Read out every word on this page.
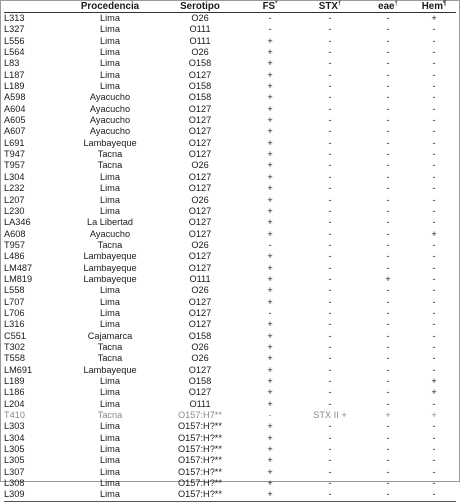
	Procedencia	Serotipo	FS*	STX†	eae†	Hem¶
L313	Lima	O26	-	-	-	+
L327	Lima	O111	-	-	-	-
L556	Lima	O111	+	-	-	-
L564	Lima	O26	+	-	-	-
L83	Lima	O158	+	-	-	-
L187	Lima	O127	+	-	-	-
L189	Lima	O158	+	-	-	-
A598	Ayacucho	O158	+	-	-	-
A604	Ayacucho	O127	+	-	-	-
A605	Ayacucho	O127	+	-	-	-
A607	Ayacucho	O127	+	-	-	-
L691	Lambayeque	O127	+	-	-	-
T947	Tacna	O127	+	-	-	-
T957	Tacna	O26	+	-	-	-
L304	Lima	O127	+	-	-	-
L232	Lima	O127	+	-	-	-
L207	Lima	O26	+	-	-	-
L230	Lima	O127	+	-	-	-
LA346	La Libertad	O127	+	-	-	-
A608	Ayacucho	O127	+	-	-	+
T957	Tacna	O26	-	-	-	-
L486	Lambayeque	O127	+	-	-	-
LM487	Lambayeque	O127	+	-	-	-
LM819	Lambayeque	O111	+	-	+	-
L558	Lima	O26	+	-	-	-
L707	Lima	O127	+	-	-	-
L706	Lima	O127	-	-	-	-
L316	Lima	O127	+	-	-	-
C551	Cajamarca	O158	+	-	-	-
T302	Tacna	O26	+	-	-	-
T558	Tacna	O26	+	-	-	-
LM691	Lambayeque	O127	+	-	-	-
L189	Lima	O158	+	-	-	+
L186	Lima	O127	+	-	-	+
L204	Lima	O111	+	-	-	-
T410	Tacna	O157:H7**	-	STX II +	+	+
L303	Lima	O157:H?**	+	-	-	-
L304	Lima	O157:H?**	+	-	-	-
L305	Lima	O157:H?**	+	-	-	-
L305	Lima	O157:H?**	+	-	-	-
L307	Lima	O157:H?**	+	-	-	-
L308	Lima	O157:H?**	+	-	-	-
L309	Lima	O157:H?**	+	-	-	-
